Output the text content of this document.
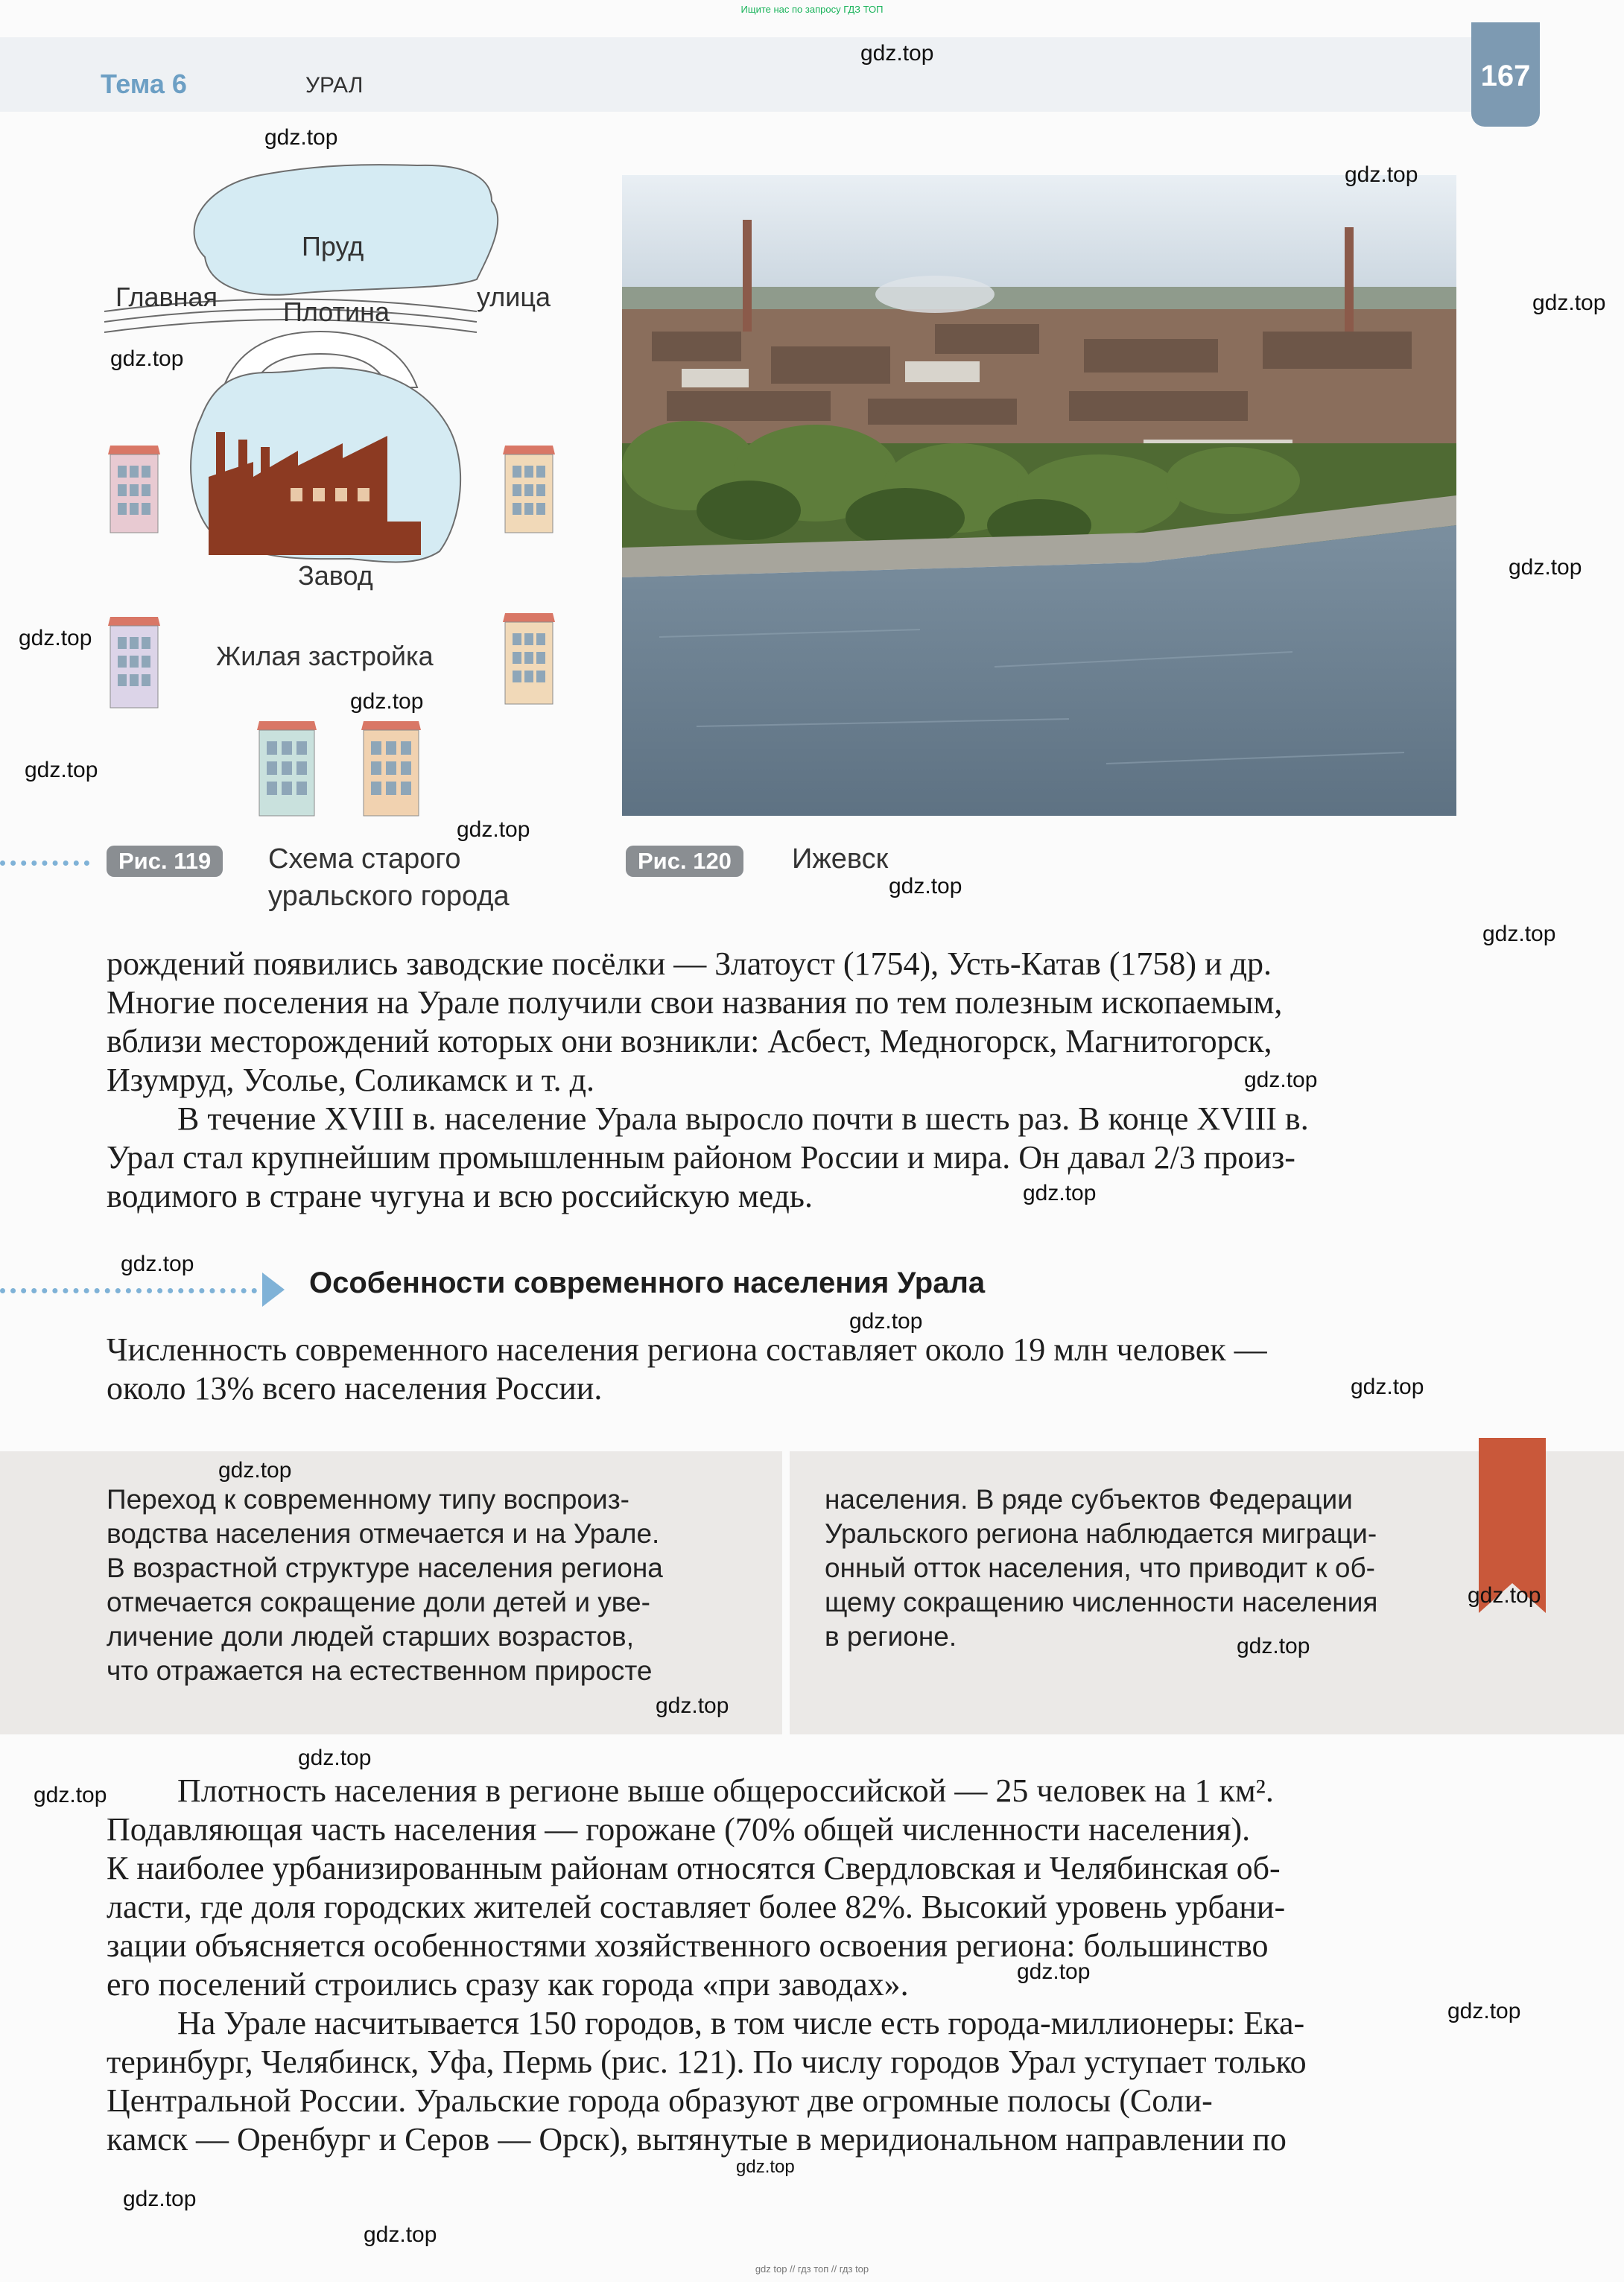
Ищите нас по запросу ГДЗ ТОП
Тема 6	УРАЛ	167
Пруд
Главная	улица
Плотина
Завод
Жилая застройка
Рис. 119	Схема старого
уральского города
Рис. 120	Ижевск

рождений появились заводские посёлки — Златоуст (1754), Усть-Катав (1758) и др.

Многие поселения на Урале получили свои названия по тем полезным ископаемым,

вблизи месторождений которых они возникли: Асбест, Медногорск, Магнитогорск,

Изумруд, Усолье, Соликамск и т. д.

В течение XVIII в. население Урала выросло почти в шесть раз. В конце XVIII в.

Урал стал крупнейшим промышленным районом России и мира. Он давал 2/3 произ-

водимого в стране чугуна и всю российскую медь.

Особенности современного населения Урала

Численность современного населения региона составляет около 19 млн человек —

около 13% всего населения России.

Переход к современному типу воспроиз-
водства населения отмечается и на Урале.
В возрастной структуре населения региона
отмечается сокращение доли детей и уве-
личение доли людей старших возрастов,
что отражается на естественном приросте
населения. В ряде субъектов Федерации
Уральского региона наблюдается миграци-
онный отток населения, что приводит к об-
щему сокращению численности населения
в регионе.

Плотность населения в регионе выше общероссийской — 25 человек на 1 км².

Подавляющая часть населения — горожане (70% общей численности населения).

К наиболее урбанизированным районам относятся Свердловская и Челябинская об-

ласти, где доля городских жителей составляет более 82%. Высокий уровень урбани-

зации объясняется особенностями хозяйственного освоения региона: большинство

его поселений строились сразу как города «при заводах».

На Урале насчитывается 150 городов, в том числе есть города-миллионеры: Ека-

теринбург, Челябинск, Уфа, Пермь (рис. 121). По числу городов Урал уступает только

Центральной России. Уральские города образуют две огромные полосы (Соли-

камск — Оренбург и Серов — Орск), вытянутые в меридиональном направлении по

gdz.top
gdz.top
gdz.top
gdz.top
gdz.top
gdz.top
gdz.top
gdz.top
gdz.top
gdz.top
gdz.top
gdz.top
gdz.top
gdz.top
gdz.top
gdz.top
gdz.top
gdz.top
gdz.top
gdz.top
gdz.top
gdz.top
gdz.top
gdz.top
gdz.top
gdz.top
gdz.top
gdz.top
gdz top // гдз топ // гдз top
